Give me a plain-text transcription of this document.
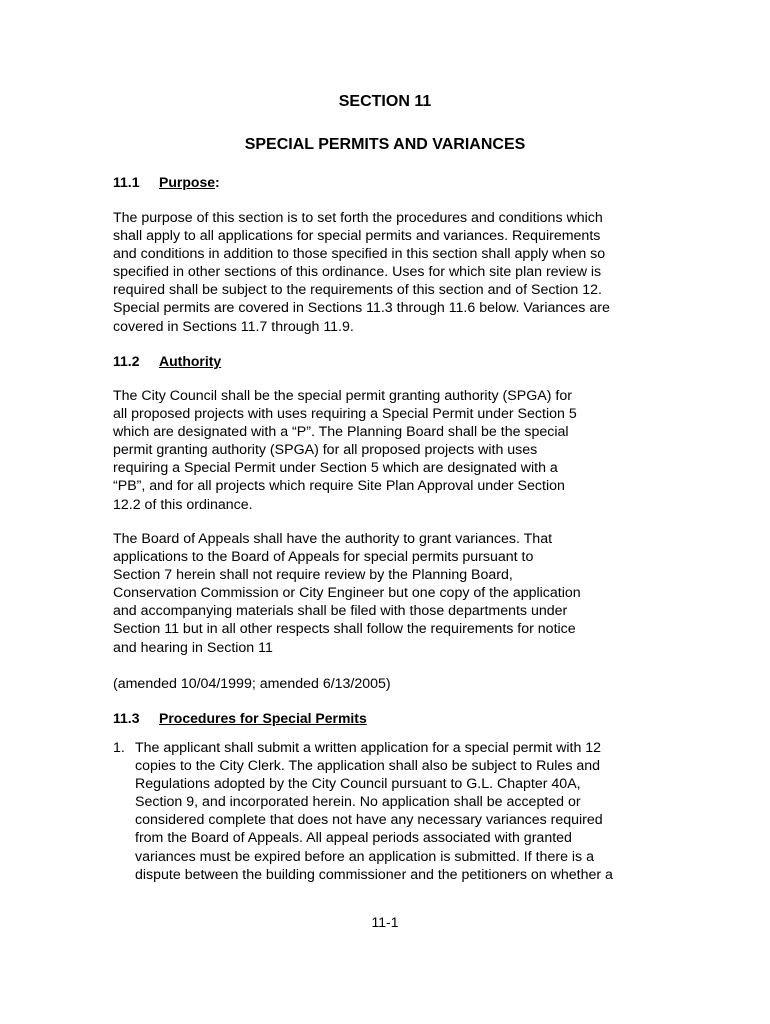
SECTION 11
SPECIAL PERMITS AND VARIANCES
11.1 Purpose:
The purpose of this section is to set forth the procedures and conditions which
shall apply to all applications for special permits and variances. Requirements
and conditions in addition to those specified in this section shall apply when so
specified in other sections of this ordinance. Uses for which site plan review is
required shall be subject to the requirements of this section and of Section 12.
Special permits are covered in Sections 11.3 through 11.6 below. Variances are
covered in Sections 11.7 through 11.9.
11.2 Authority
The City Council shall be the special permit granting authority (SPGA) for
all proposed projects with uses requiring a Special Permit under Section 5
which are designated with a “P”. The Planning Board shall be the special
permit granting authority (SPGA) for all proposed projects with uses
requiring a Special Permit under Section 5 which are designated with a
“PB”, and for all projects which require Site Plan Approval under Section
12.2 of this ordinance.
The Board of Appeals shall have the authority to grant variances. That
applications to the Board of Appeals for special permits pursuant to
Section 7 herein shall not require review by the Planning Board,
Conservation Commission or City Engineer but one copy of the application
and accompanying materials shall be filed with those departments under
Section 11 but in all other respects shall follow the requirements for notice
and hearing in Section 11
(amended 10/04/1999; amended 6/13/2005)
11.3 Procedures for Special Permits
1. The applicant shall submit a written application for a special permit with 12
copies to the City Clerk. The application shall also be subject to Rules and
Regulations adopted by the City Council pursuant to G.L. Chapter 40A,
Section 9, and incorporated herein. No application shall be accepted or
considered complete that does not have any necessary variances required
from the Board of Appeals. All appeal periods associated with granted
variances must be expired before an application is submitted. If there is a
dispute between the building commissioner and the petitioners on whether a
11-1
